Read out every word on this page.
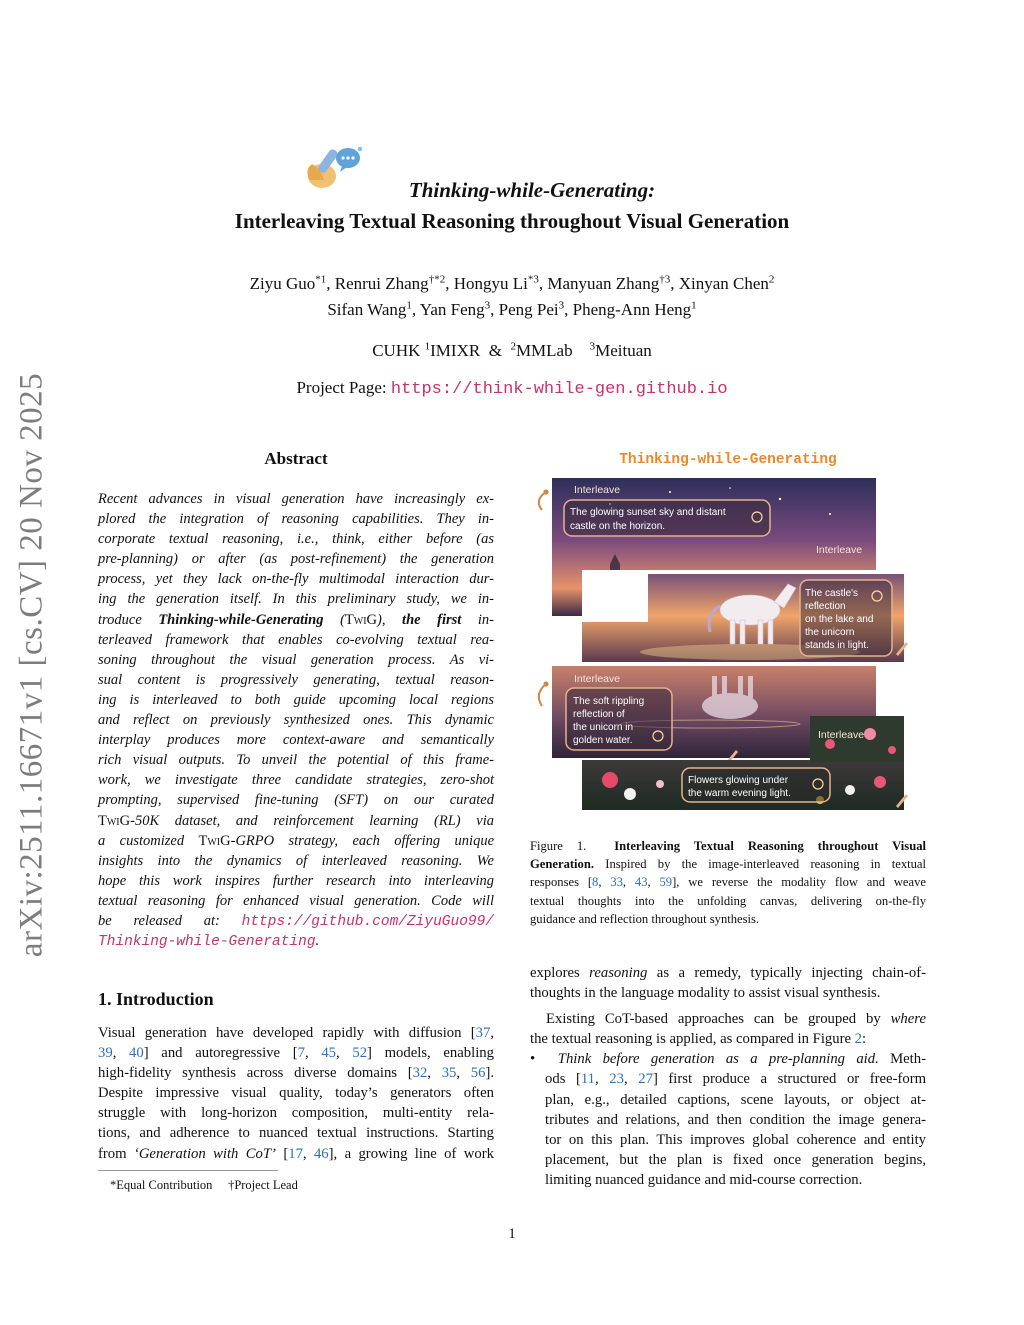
arXiv:2511.16671v1 [cs.CV] 20 Nov 2025
Thinking-while-Generating:
Interleaving Textual Reasoning throughout Visual Generation
Ziyu Guo$^{*1}$, Renrui Zhang$^{\dagger*2}$, Hongyu Li$^{*3}$, Manyuan Zhang$^{\dagger 3}$, Xinyan Chen$^2$
Sifan Wang$^1$, Yan Feng$^3$, Peng Pei$^3$, Pheng-Ann Heng$^1$
CUHK $^1$IMIXR & $^2$MMLab $^3$Meituan
Project Page: https://think-while-gen.github.io
Abstract
Recent advances in visual generation have increasingly ex-
plored the integration of reasoning capabilities. They in-
corporate textual reasoning, i.e., think, either before (as
pre-planning) or after (as post-refinement) the generation
process, yet they lack on-the-fly multimodal interaction dur-
ing the generation itself. In this preliminary study, we in-
troduce Thinking-while-Generating (TwiG), the first in-
terleaved framework that enables co-evolving textual rea-
soning throughout the visual generation process. As vi-
sual content is progressively generating, textual reason-
ing is interleaved to both guide upcoming local regions
and reflect on previously synthesized ones. This dynamic
interplay produces more context-aware and semantically
rich visual outputs. To unveil the potential of this frame-
work, we investigate three candidate strategies, zero-shot
prompting, supervised fine-tuning (SFT) on our curated
TwiG-50K dataset, and reinforcement learning (RL) via
a customized TwiG-GRPO strategy, each offering unique
insights into the dynamics of interleaved reasoning. We
hope this work inspires further research into interleaving
textual reasoning for enhanced visual generation. Code will
be released at: https://github.com/ZiyuGuo99/
Thinking-while-Generating.
1. Introduction
Visual generation have developed rapidly with diffusion [37,
39, 40] and autoregressive [7, 45, 52] models, enabling
high-fidelity synthesis across diverse domains [32, 35, 56].
Despite impressive visual quality, today’s generators often
struggle with long-horizon composition, multi-entity rela-
tions, and adherence to nuanced textual instructions. Starting
from ‘Generation with CoT’ [17, 46], a growing line of work
*Equal Contribution †Project Lead
Thinking-while-Generating
Interleave
The glowing sunset sky and distant castle on the horizon.
Interleave
The castle's reflection on the lake and the unicorn stands in light.
Interleave
The soft rippling reflection of the unicorn in golden water.	Interleave
Flowers glowing under the warm evening light.
Figure 1. Interleaving Textual Reasoning throughout Visual
Generation. Inspired by the image-interleaved reasoning in textual
responses [8, 33, 43, 59], we reverse the modality flow and weave
textual thoughts into the unfolding canvas, delivering on-the-fly
guidance and reflection throughout synthesis.
explores reasoning as a remedy, typically injecting chain-of-
thoughts in the language modality to assist visual synthesis.
Existing CoT-based approaches can be grouped by where
the textual reasoning is applied, as compared in Figure 2:
• Think before generation as a pre-planning aid. Meth-
ods [11, 23, 27] first produce a structured or free-form
plan, e.g., detailed captions, scene layouts, or object at-
tributes and relations, and then condition the image genera-
tor on this plan. This improves global coherence and entity
placement, but the plan is fixed once generation begins,
limiting nuanced guidance and mid-course correction.
1
